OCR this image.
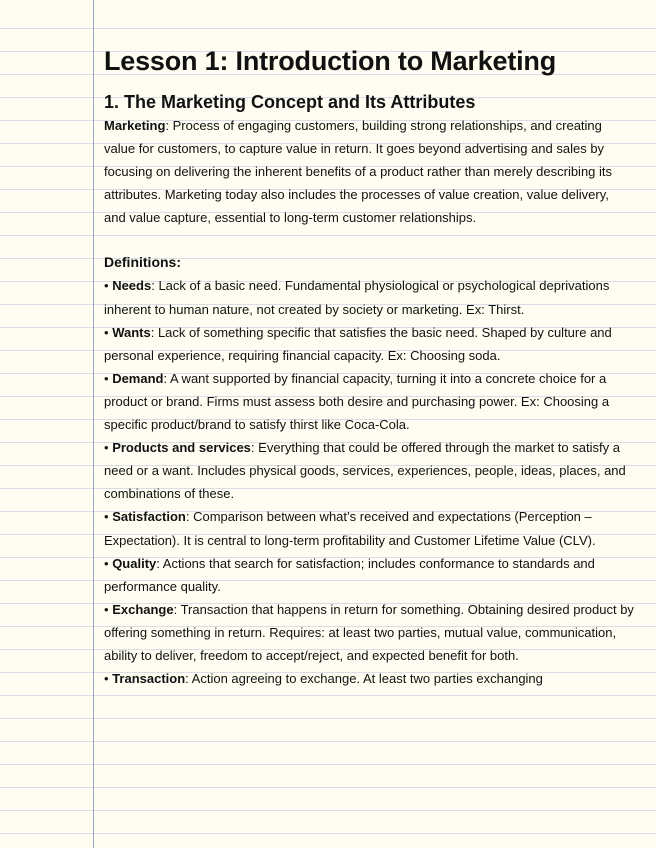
Lesson 1: Introduction to Marketing
1. The Marketing Concept and Its Attributes

Marketing: Process of engaging customers, building strong relationships, and creating value for customers, to capture value in return. It goes beyond advertising and sales by focusing on delivering the inherent benefits of a product rather than merely describing its attributes. Marketing today also includes the processes of value creation, value delivery, and value capture, essential to long-term customer relationships.

Definitions:
• Needs: Lack of a basic need. Fundamental physiological or psychological deprivations inherent to human nature, not created by society or marketing. Ex: Thirst.
• Wants: Lack of something specific that satisfies the basic need. Shaped by culture and personal experience, requiring financial capacity. Ex: Choosing soda.
• Demand: A want supported by financial capacity, turning it into a concrete choice for a product or brand. Firms must assess both desire and purchasing power. Ex: Choosing a specific product/brand to satisfy thirst like Coca-Cola.
• Products and services: Everything that could be offered through the market to satisfy a need or a want. Includes physical goods, services, experiences, people, ideas, places, and combinations of these.
• Satisfaction: Comparison between what’s received and expectations (Perception – Expectation). It is central to long-term profitability and Customer Lifetime Value (CLV).
• Quality: Actions that search for satisfaction; includes conformance to standards and performance quality.
• Exchange: Transaction that happens in return for something. Obtaining desired product by offering something in return. Requires: at least two parties, mutual value, communication, ability to deliver, freedom to accept/reject, and expected benefit for both.
• Transaction: Action agreeing to exchange. At least two parties exchanging
